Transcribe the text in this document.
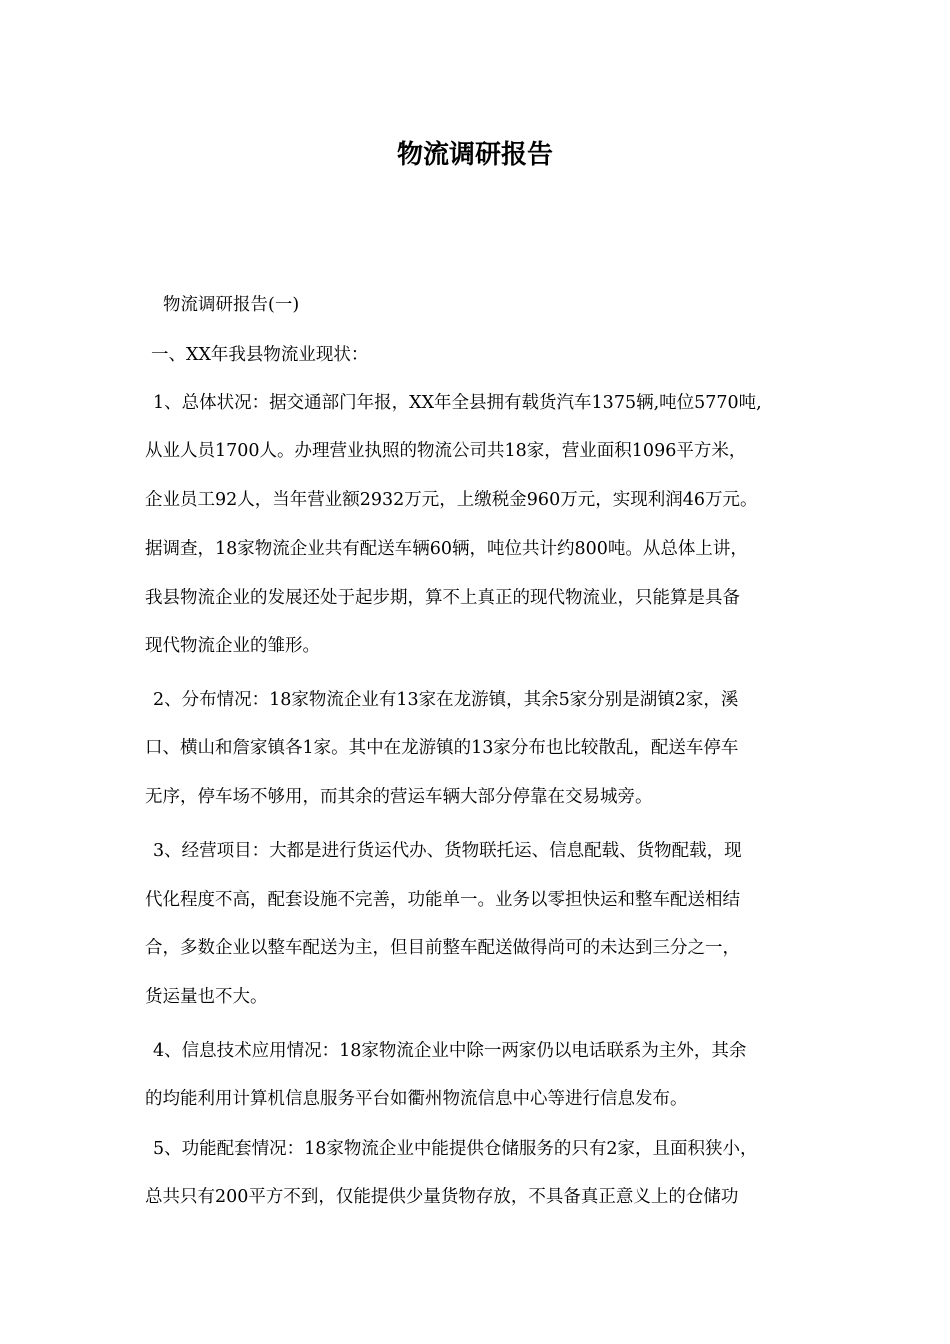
物流调研报告
物流调研报告(一)
一、XX年我县物流业现状：
1、总体状况：据交通部门年报，XX年全县拥有载货汽车1375辆,吨位5770吨,
从业人员1700人。办理营业执照的物流公司共18家，营业面积1096平方米，
企业员工92人，当年营业额2932万元，上缴税金960万元，实现利润46万元。
据调查，18家物流企业共有配送车辆60辆，吨位共计约800吨。从总体上讲，
我县物流企业的发展还处于起步期，算不上真正的现代物流业，只能算是具备
现代物流企业的雏形。
2、分布情况：18家物流企业有13家在龙游镇，其余5家分别是湖镇2家，溪
口、横山和詹家镇各1家。其中在龙游镇的13家分布也比较散乱，配送车停车
无序，停车场不够用，而其余的营运车辆大部分停靠在交易城旁。
3、经营项目：大都是进行货运代办、货物联托运、信息配载、货物配载，现
代化程度不高，配套设施不完善，功能单一。业务以零担快运和整车配送相结
合，多数企业以整车配送为主，但目前整车配送做得尚可的未达到三分之一，
货运量也不大。
4、信息技术应用情况：18家物流企业中除一两家仍以电话联系为主外，其余
的均能利用计算机信息服务平台如衢州物流信息中心等进行信息发布。
5、功能配套情况：18家物流企业中能提供仓储服务的只有2家，且面积狭小，
总共只有200平方不到，仅能提供少量货物存放，不具备真正意义上的仓储功
